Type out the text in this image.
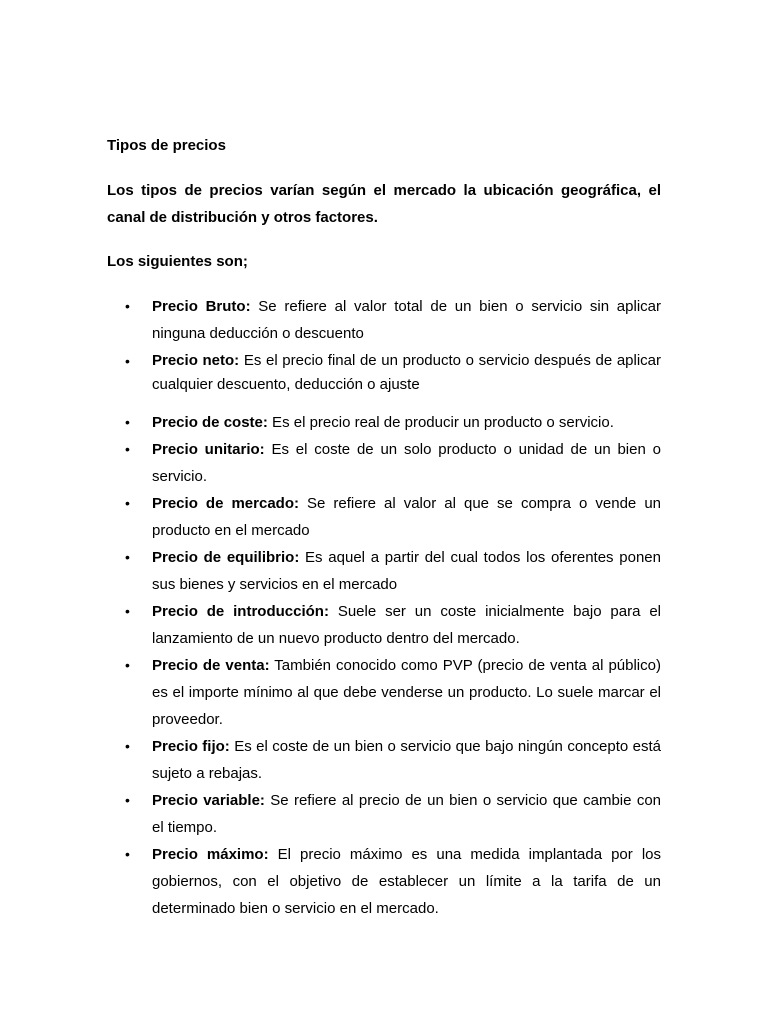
Tipos de precios

Los tipos de precios varían según el mercado la ubicación geográfica, el canal de distribución y otros factores.

Los siguientes son;
•	Precio Bruto: Se refiere al valor total de un bien o servicio sin aplicar ninguna deducción o descuento
•	Precio neto: Es el precio final de un producto o servicio después de aplicar cualquier descuento, deducción o ajuste
•	Precio de coste: Es el precio real de producir un producto o servicio.
•	Precio unitario: Es el coste de un solo producto o unidad de un bien o servicio.
•	Precio de mercado: Se refiere al valor al que se compra o vende un producto en el mercado
•	Precio de equilibrio: Es aquel a partir del cual todos los oferentes ponen sus bienes y servicios en el mercado
•	Precio de introducción: Suele ser un coste inicialmente bajo para el lanzamiento de un nuevo producto dentro del mercado.
•	Precio de venta: También conocido como PVP (precio de venta al público) es el importe mínimo al que debe venderse un producto. Lo suele marcar el proveedor.
•	Precio fijo: Es el coste de un bien o servicio que bajo ningún concepto está sujeto a rebajas.
•	Precio variable: Se refiere al precio de un bien o servicio que cambie con el tiempo.
•	Precio máximo: El precio máximo es una medida implantada por los gobiernos, con el objetivo de establecer un límite a la tarifa de un determinado bien o servicio en el mercado.
